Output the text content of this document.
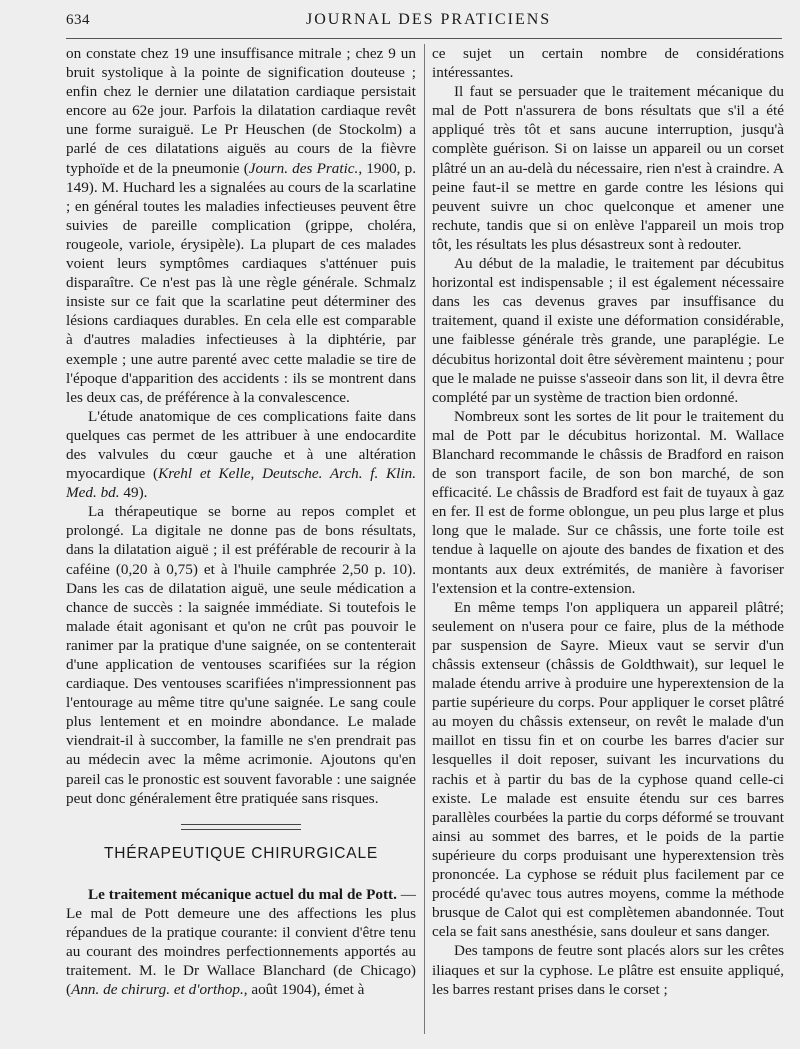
634	JOURNAL DES PRATICIENS

on constate chez 19 une insuffisance mitrale ; chez 9 un bruit systolique à la pointe de signification douteuse ; enfin chez le dernier une dilatation cardiaque persistait encore au 62e jour. Parfois la dilatation cardiaque revêt une forme suraiguë. Le Pr Heuschen (de Stockolm) a parlé de ces dilatations aiguës au cours de la fièvre typhoïde et de la pneumonie (Journ. des Pratic., 1900, p. 149). M. Huchard les a signalées au cours de la scarlatine ; en général toutes les maladies infectieuses peuvent être suivies de pareille complication (grippe, choléra, rougeole, variole, érysipèle). La plupart de ces malades voient leurs symptômes cardiaques s'atténuer puis disparaître. Ce n'est pas là une règle générale. Schmalz insiste sur ce fait que la scarlatine peut déterminer des lésions cardiaques durables. En cela elle est comparable à d'autres maladies infectieuses à la diphtérie, par exemple ; une autre parenté avec cette maladie se tire de l'époque d'apparition des accidents : ils se montrent dans les deux cas, de préférence à la convalescence.

L'étude anatomique de ces complications faite dans quelques cas permet de les attribuer à une endocardite des valvules du cœur gauche et à une altération myocardique (Krehl et Kelle, Deutsche. Arch. f. Klin. Med. bd. 49).

La thérapeutique se borne au repos complet et prolongé. La digitale ne donne pas de bons résultats, dans la dilatation aiguë ; il est préférable de recourir à la caféine (0,20 à 0,75) et à l'huile camphrée 2,50 p. 10). Dans les cas de dilatation aiguë, une seule médication a chance de succès : la saignée immédiate. Si toutefois le malade était agonisant et qu'on ne crût pas pouvoir le ranimer par la pratique d'une saignée, on se contenterait d'une application de ventouses scarifiées sur la région cardiaque. Des ventouses scarifiées n'impressionnent pas l'entourage au même titre qu'une saignée. Le sang coule plus lentement et en moindre abondance. Le malade viendrait-il à succomber, la famille ne s'en prendrait pas au médecin avec la même acrimonie. Ajoutons qu'en pareil cas le pronostic est souvent favorable : une saignée peut donc généralement être pratiquée sans risques.

THÉRAPEUTIQUE CHIRURGICALE

Le traitement mécanique actuel du mal de Pott. — Le mal de Pott demeure une des affections les plus répandues de la pratique courante: il convient d'être tenu au courant des moindres perfectionnements apportés au traitement. M. le Dr Wallace Blanchard (de Chicago) (Ann. de chirurg. et d'orthop., août 1904), émet à

ce sujet un certain nombre de considérations intéressantes.

Il faut se persuader que le traitement mécanique du mal de Pott n'assurera de bons résultats que s'il a été appliqué très tôt et sans aucune interruption, jusqu'à complète guérison. Si on laisse un appareil ou un corset plâtré un an au-delà du nécessaire, rien n'est à craindre. A peine faut-il se mettre en garde contre les lésions qui peuvent suivre un choc quelconque et amener une rechute, tandis que si on enlève l'appareil un mois trop tôt, les résultats les plus désastreux sont à redouter.

Au début de la maladie, le traitement par décubitus horizontal est indispensable ; il est également nécessaire dans les cas devenus graves par insuffisance du traitement, quand il existe une déformation considérable, une faiblesse générale très grande, une paraplégie. Le décubitus horizontal doit être sévèrement maintenu ; pour que le malade ne puisse s'asseoir dans son lit, il devra être complété par un système de traction bien ordonné.

Nombreux sont les sortes de lit pour le traitement du mal de Pott par le décubitus horizontal. M. Wallace Blanchard recommande le châssis de Bradford en raison de son transport facile, de son bon marché, de son efficacité. Le châssis de Bradford est fait de tuyaux à gaz en fer. Il est de forme oblongue, un peu plus large et plus long que le malade. Sur ce châssis, une forte toile est tendue à laquelle on ajoute des bandes de fixation et des montants aux deux extrémités, de manière à favoriser l'extension et la contre-extension.

En même temps l'on appliquera un appareil plâtré; seulement on n'usera pour ce faire, plus de la méthode par suspension de Sayre. Mieux vaut se servir d'un châssis extenseur (châssis de Goldthwait), sur lequel le malade étendu arrive à produire une hyperextension de la partie supérieure du corps. Pour appliquer le corset plâtré au moyen du châssis extenseur, on revêt le malade d'un maillot en tissu fin et on courbe les barres d'acier sur lesquelles il doit reposer, suivant les incurvations du rachis et à partir du bas de la cyphose quand celle-ci existe. Le malade est ensuite étendu sur ces barres parallèles courbées la partie du corps déformé se trouvant ainsi au sommet des barres, et le poids de la partie supérieure du corps produisant une hyperextension très prononcée. La cyphose se réduit plus facilement par ce procédé qu'avec tous autres moyens, comme la méthode brusque de Calot qui est complètemen abandonnée. Tout cela se fait sans anesthésie, sans douleur et sans danger.

Des tampons de feutre sont placés alors sur les crêtes iliaques et sur la cyphose. Le plâtre est ensuite appliqué, les barres restant prises dans le corset ;
